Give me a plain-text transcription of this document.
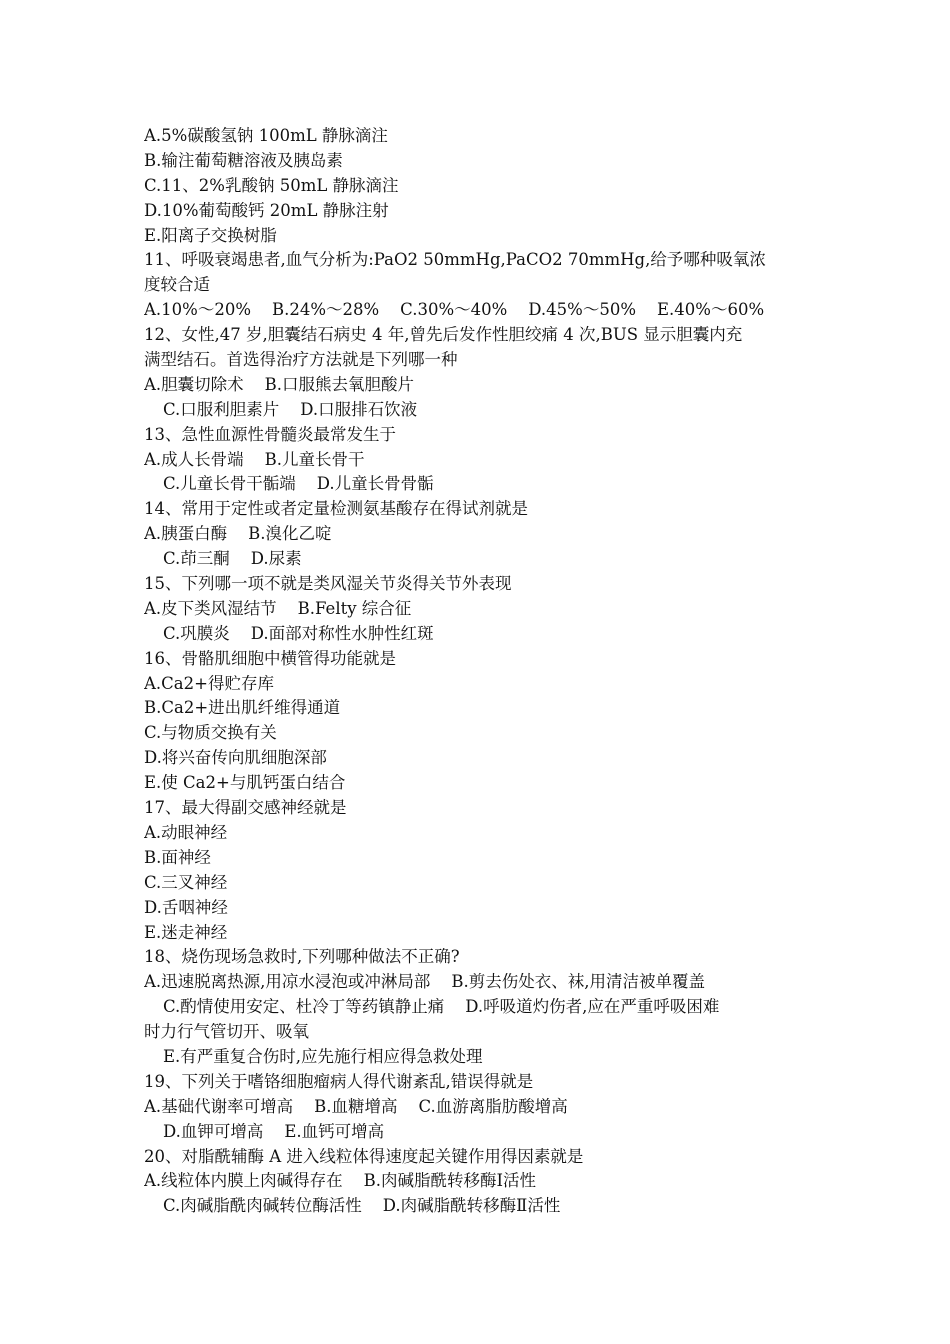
A.5%碳酸氢钠 100mL 静脉滴注
B.输注葡萄糖溶液及胰岛素
C.11、2%乳酸钠 50mL 静脉滴注
D.10%葡萄酸钙 20mL 静脉注射
E.阳离子交换树脂
11、呼吸衰竭患者,血气分析为:PaO2 50mmHg,PaCO2 70mmHg,给予哪种吸氧浓
度较合适
A.10%～20%    B.24%～28%    C.30%～40%    D.45%～50%    E.40%～60%
12、女性,47 岁,胆囊结石病史 4 年,曾先后发作性胆绞痛 4 次,BUS 显示胆囊内充
满型结石。首选得治疗方法就是下列哪一种
A.胆囊切除术    B.口服熊去氧胆酸片
C.口服利胆素片    D.口服排石饮液
13、急性血源性骨髓炎最常发生于
A.成人长骨端    B.儿童长骨干
C.儿童长骨干骺端    D.儿童长骨骨骺
14、常用于定性或者定量检测氨基酸存在得试剂就是
A.胰蛋白酶    B.溴化乙啶
C.茚三酮    D.尿素
15、下列哪一项不就是类风湿关节炎得关节外表现
A.皮下类风湿结节    B.Felty 综合征
C.巩膜炎    D.面部对称性水肿性红斑
16、骨骼肌细胞中横管得功能就是
A.Ca2+得贮存库
B.Ca2+进出肌纤维得通道
C.与物质交换有关
D.将兴奋传向肌细胞深部
E.使 Ca2+与肌钙蛋白结合
17、最大得副交感神经就是
A.动眼神经
B.面神经
C.三叉神经
D.舌咽神经
E.迷走神经
18、烧伤现场急救时,下列哪种做法不正确?
A.迅速脱离热源,用凉水浸泡或冲淋局部    B.剪去伤处衣、袜,用清洁被单覆盖
C.酌情使用安定、杜冷丁等药镇静止痛    D.呼吸道灼伤者,应在严重呼吸困难
时力行气管切开、吸氧
E.有严重复合伤时,应先施行相应得急救处理
19、下列关于嗜铬细胞瘤病人得代谢紊乱,错误得就是
A.基础代谢率可增高    B.血糖增高    C.血游离脂肪酸增高
D.血钾可增高    E.血钙可增高
20、对脂酰辅酶 A 进入线粒体得速度起关键作用得因素就是
A.线粒体内膜上肉碱得存在    B.肉碱脂酰转移酶Ⅰ活性
C.肉碱脂酰肉碱转位酶活性    D.肉碱脂酰转移酶Ⅱ活性
